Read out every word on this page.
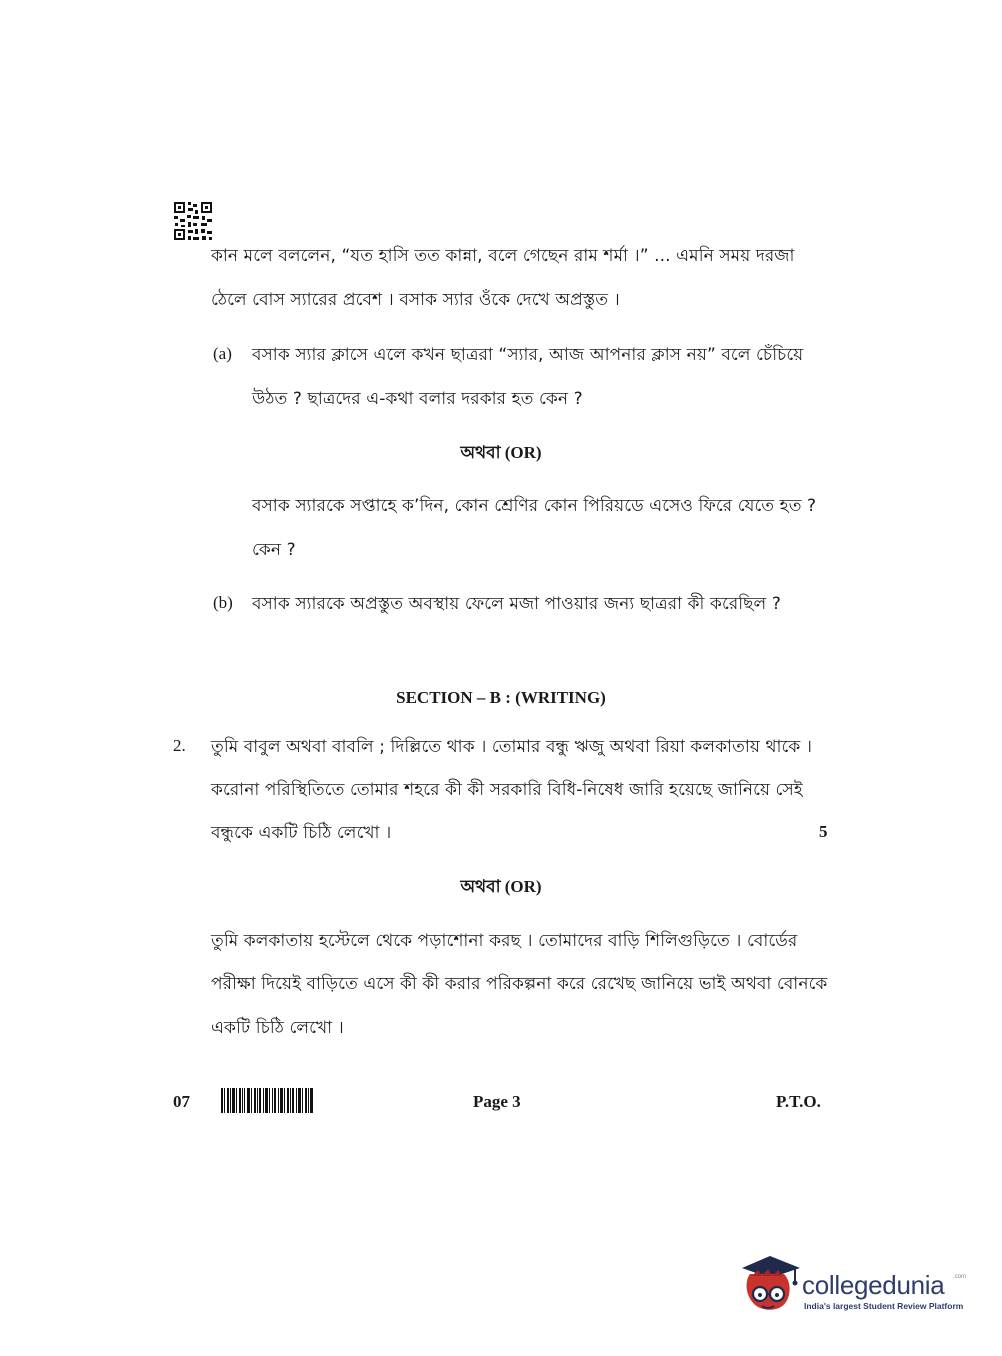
কান মলে বললেন, “যত হাসি তত কান্না, বলে গেছেন রাম শর্মা ।” ... এমনি সময় দরজা
ঠেলে বোস স্যারের প্রবেশ । বসাক স্যার ওঁকে দেখে অপ্রস্তুত ।
(a) বসাক স্যার ক্লাসে এলে কখন ছাত্ররা “স্যার, আজ আপনার ক্লাস নয়” বলে চেঁচিয়ে
উঠত ? ছাত্রদের এ-কথা বলার দরকার হত কেন ?
অথবা (OR)
বসাক স্যারকে সপ্তাহে ক’দিন, কোন শ্রেণির কোন পিরিয়ডে এসেও ফিরে যেতে হত ?
কেন ?
(b) বসাক স্যারকে অপ্রস্তুত অবস্থায় ফেলে মজা পাওয়ার জন্য ছাত্ররা কী করেছিল ?
SECTION – B : (WRITING)
2. তুমি বাবুল অথবা বাবলি ; দিল্লিতে থাক । তোমার বন্ধু ঋজু অথবা রিয়া কলকাতায় থাকে ।
করোনা পরিস্থিতিতে তোমার শহরে কী কী সরকারি বিধি-নিষেধ জারি হয়েছে জানিয়ে সেই
বন্ধুকে একটি চিঠি লেখো ।	5
অথবা (OR)
তুমি কলকাতায় হস্টেলে থেকে পড়াশোনা করছ । তোমাদের বাড়ি শিলিগুড়িতে । বোর্ডের
পরীক্ষা দিয়েই বাড়িতে এসে কী কী করার পরিকল্পনা করে রেখেছ জানিয়ে ভাই অথবা বোনকে
একটি চিঠি লেখো ।
07	Page 3	P.T.O.
collegedunia .com
India's largest Student Review Platform
